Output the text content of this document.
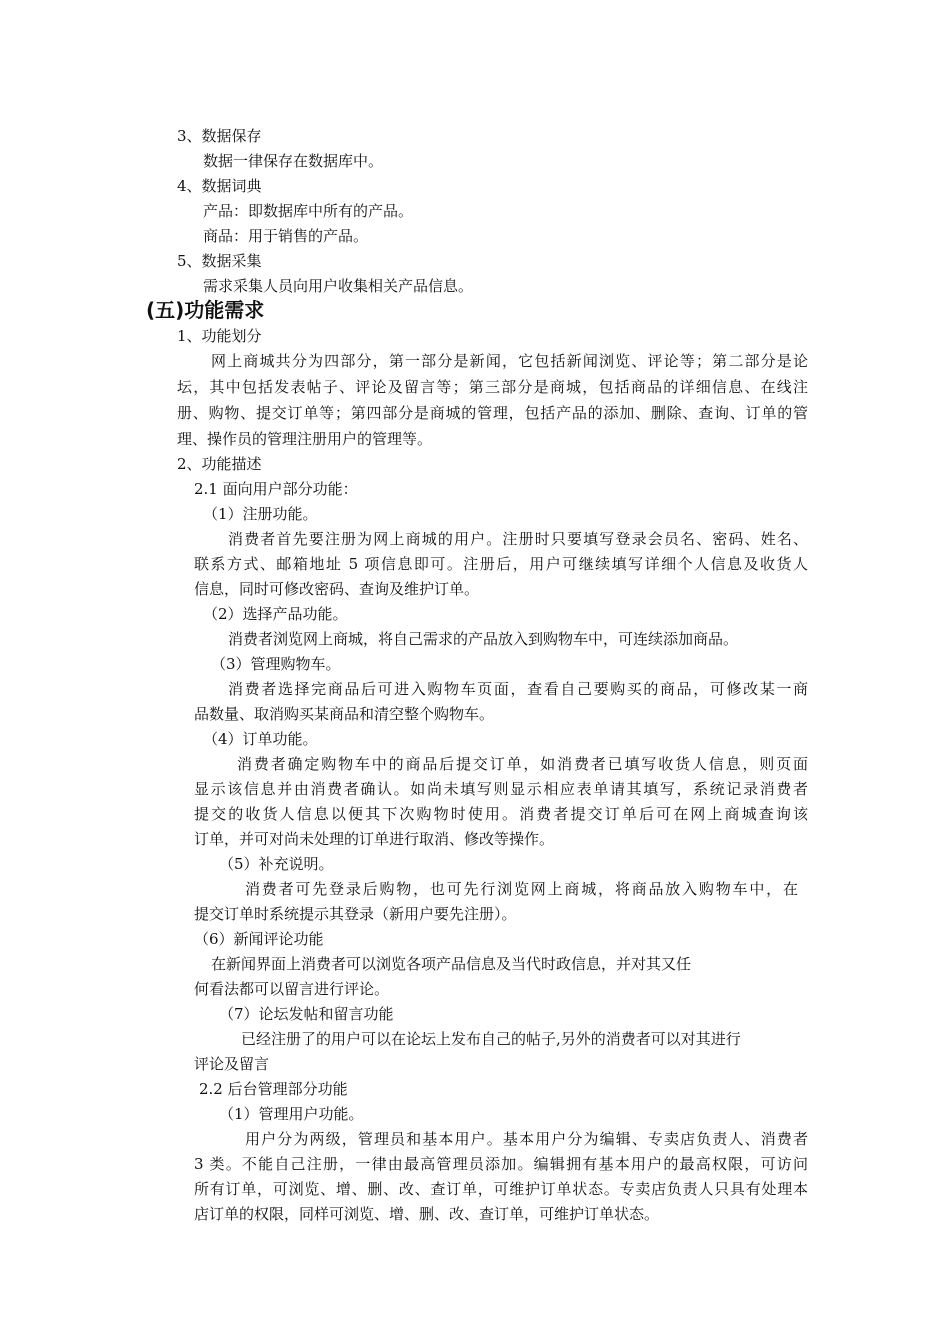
3、数据保存
数据一律保存在数据库中。
4、数据词典
产品：即数据库中所有的产品。
商品：用于销售的产品。
5、数据采集
需求采集人员向用户收集相关产品信息。
(五)功能需求
1、功能划分
网上商城共分为四部分，第一部分是新闻，它包括新闻浏览、评论等；第二部分是论
坛，其中包括发表帖子、评论及留言等；第三部分是商城，包括商品的详细信息、在线注
册、购物、提交订单等；第四部分是商城的管理，包括产品的添加、删除、查询、订单的管
理、操作员的管理注册用户的管理等。
2、功能描述
2.1 面向用户部分功能：
（1）注册功能。
消费者首先要注册为网上商城的用户。注册时只要填写登录会员名、密码、姓名、
联系方式、邮箱地址 5 项信息即可。注册后，用户可继续填写详细个人信息及收货人
信息，同时可修改密码、查询及维护订单。
（2）选择产品功能。
消费者浏览网上商城，将自己需求的产品放入到购物车中，可连续添加商品。
（3）管理购物车。
消费者选择完商品后可进入购物车页面，查看自己要购买的商品，可修改某一商
品数量、取消购买某商品和清空整个购物车。
（4）订单功能。
消费者确定购物车中的商品后提交订单，如消费者已填写收货人信息，则页面
显示该信息并由消费者确认。如尚未填写则显示相应表单请其填写，系统记录消费者
提交的收货人信息以便其下次购物时使用。消费者提交订单后可在网上商城查询该
订单，并可对尚未处理的订单进行取消、修改等操作。
（5）补充说明。
消费者可先登录后购物，也可先行浏览网上商城，将商品放入购物车中，在
提交订单时系统提示其登录（新用户要先注册）。
（6）新闻评论功能
在新闻界面上消费者可以浏览各项产品信息及当代时政信息，并对其又任
何看法都可以留言进行评论。
（7）论坛发帖和留言功能
已经注册了的用户可以在论坛上发布自己的帖子,另外的消费者可以对其进行
评论及留言
2.2 后台管理部分功能
（1）管理用户功能。
用户分为两级，管理员和基本用户。基本用户分为编辑、专卖店负责人、消费者
3 类。不能自己注册，一律由最高管理员添加。编辑拥有基本用户的最高权限，可访问
所有订单，可浏览、增、删、改、查订单，可维护订单状态。专卖店负责人只具有处理本
店订单的权限，同样可浏览、增、删、改、查订单，可维护订单状态。
